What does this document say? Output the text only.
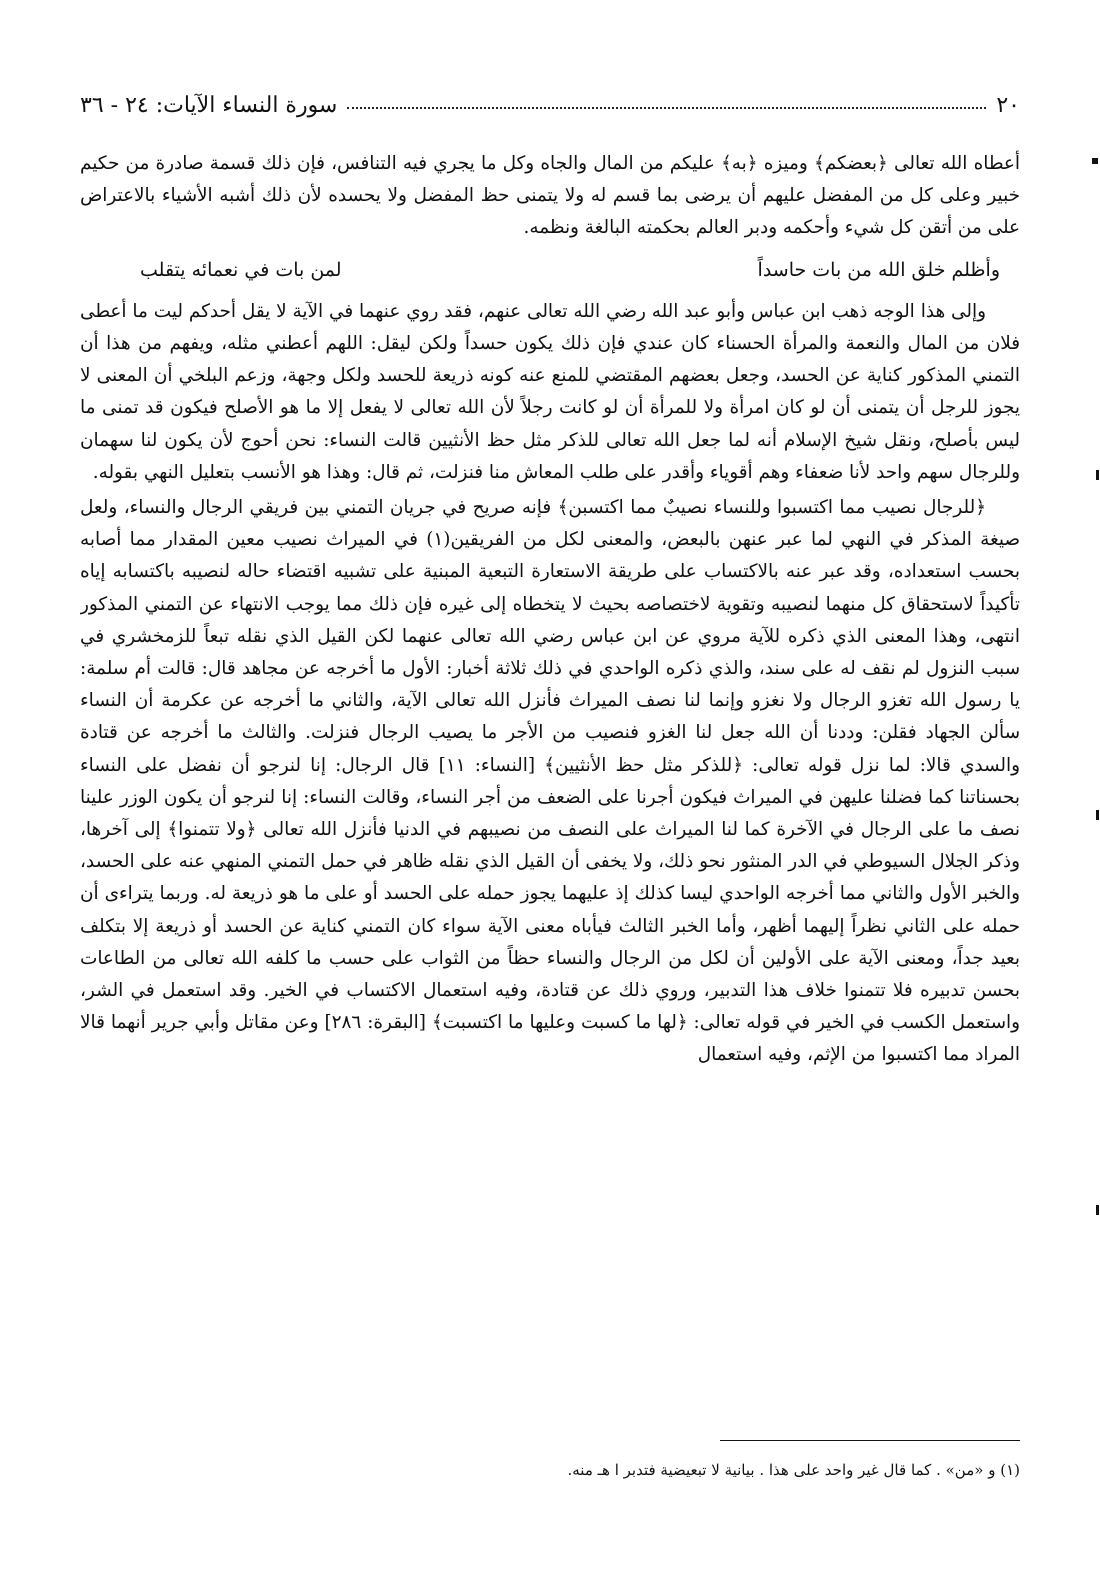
٢٠
سورة النساء الآيات: ٢٤ - ٣٦

أعطاه الله تعالى ﴿بعضكم﴾ وميزه ﴿به﴾ عليكم من المال والجاه وكل ما يجري فيه التنافس، فإن ذلك قسمة صادرة من حكيم خبير وعلى كل من المفضل عليهم أن يرضى بما قسم له ولا يتمنى حظ المفضل ولا يحسده لأن ذلك أشبه الأشياء بالاعتراض على من أتقن كل شيء وأحكمه ودبر العالم بحكمته البالغة ونظمه.

وأظلم خلق الله من بات حاسداً
لمن بات في نعمائه يتقلب

وإلى هذا الوجه ذهب ابن عباس وأبو عبد الله رضي الله تعالى عنهم، فقد روي عنهما في الآية لا يقل أحدكم ليت ما أعطى فلان من المال والنعمة والمرأة الحسناء كان عندي فإن ذلك يكون حسداً ولكن ليقل: اللهم أعطني مثله، ويفهم من هذا أن التمني المذكور كناية عن الحسد، وجعل بعضهم المقتضي للمنع عنه كونه ذريعة للحسد ولكل وجهة، وزعم البلخي أن المعنى لا يجوز للرجل أن يتمنى أن لو كان امرأة ولا للمرأة أن لو كانت رجلاً لأن الله تعالى لا يفعل إلا ما هو الأصلح فيكون قد تمنى ما ليس بأصلح، ونقل شيخ الإسلام أنه لما جعل الله تعالى للذكر مثل حظ الأنثيين قالت النساء: نحن أحوج لأن يكون لنا سهمان وللرجال سهم واحد لأنا ضعفاء وهم أقوياء وأقدر على طلب المعاش منا فنزلت، ثم قال: وهذا هو الأنسب بتعليل النهي بقوله.

﴿للرجال نصيب مما اكتسبوا وللنساء نصيبٌ مما اكتسبن﴾ فإنه صريح في جريان التمني بين فريقي الرجال والنساء، ولعل صيغة المذكر في النهي لما عبر عنهن بالبعض، والمعنى لكل من الفريقين(١) في الميراث نصيب معين المقدار مما أصابه بحسب استعداده، وقد عبر عنه بالاكتساب على طريقة الاستعارة التبعية المبنية على تشبيه اقتضاء حاله لنصيبه باكتسابه إياه تأكيداً لاستحقاق كل منهما لنصيبه وتقوية لاختصاصه بحيث لا يتخطاه إلى غيره فإن ذلك مما يوجب الانتهاء عن التمني المذكور انتهى، وهذا المعنى الذي ذكره للآية مروي عن ابن عباس رضي الله تعالى عنهما لكن القيل الذي نقله تبعاً للزمخشري في سبب النزول لم نقف له على سند، والذي ذكره الواحدي في ذلك ثلاثة أخبار: الأول ما أخرجه عن مجاهد قال: قالت أم سلمة: يا رسول الله تغزو الرجال ولا نغزو وإنما لنا نصف الميراث فأنزل الله تعالى الآية، والثاني ما أخرجه عن عكرمة أن النساء سألن الجهاد فقلن: وددنا أن الله جعل لنا الغزو فنصيب من الأجر ما يصيب الرجال فنزلت. والثالث ما أخرجه عن قتادة والسدي قالا: لما نزل قوله تعالى: ﴿للذكر مثل حظ الأنثيين﴾ [النساء: ١١] قال الرجال: إنا لنرجو أن نفضل على النساء بحسناتنا كما فضلنا عليهن في الميراث فيكون أجرنا على الضعف من أجر النساء، وقالت النساء: إنا لنرجو أن يكون الوزر علينا نصف ما على الرجال في الآخرة كما لنا الميراث على النصف من نصيبهم في الدنيا فأنزل الله تعالى ﴿ولا تتمنوا﴾ إلى آخرها، وذكر الجلال السيوطي في الدر المنثور نحو ذلك، ولا يخفى أن القيل الذي نقله ظاهر في حمل التمني المنهي عنه على الحسد، والخبر الأول والثاني مما أخرجه الواحدي ليسا كذلك إذ عليهما يجوز حمله على الحسد أو على ما هو ذريعة له. وربما يتراءى أن حمله على الثاني نظراً إليهما أظهر، وأما الخبر الثالث فيأباه معنى الآية سواء كان التمني كناية عن الحسد أو ذريعة إلا بتكلف بعيد جداً، ومعنى الآية على الأولين أن لكل من الرجال والنساء حظاً من الثواب على حسب ما كلفه الله تعالى من الطاعات بحسن تدبيره فلا تتمنوا خلاف هذا التدبير، وروي ذلك عن قتادة، وفيه استعمال الاكتساب في الخير. وقد استعمل في الشر، واستعمل الكسب في الخير في قوله تعالى: ﴿لها ما كسبت وعليها ما اكتسبت﴾ [البقرة: ٢٨٦] وعن مقاتل وأبي جرير أنهما قالا المراد مما اكتسبوا من الإثم، وفيه استعمال

(١) و «من» . كما قال غير واحد على هذا . بيانية لا تبعيضية فتدبر ا هـ منه.
